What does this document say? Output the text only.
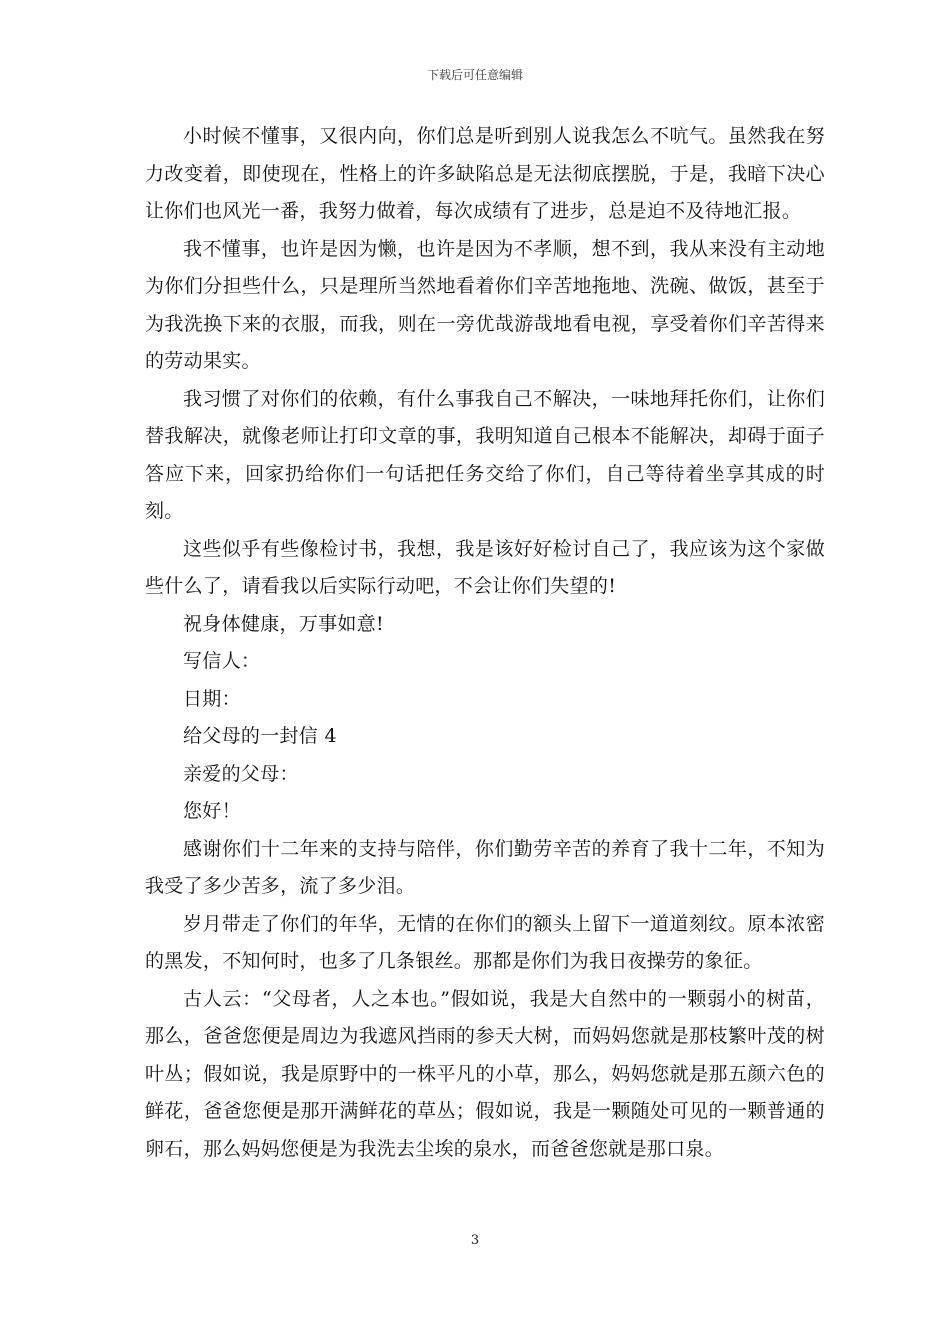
下载后可任意编辑

小时候不懂事，又很内向，你们总是听到别人说我怎么不吭气。虽然我在努力改变着，即使现在，性格上的许多缺陷总是无法彻底摆脱，于是，我暗下决心让你们也风光一番，我努力做着，每次成绩有了进步，总是迫不及待地汇报。

我不懂事，也许是因为懒，也许是因为不孝顺，想不到，我从来没有主动地为你们分担些什么，只是理所当然地看着你们辛苦地拖地、洗碗、做饭，甚至于为我洗换下来的衣服，而我，则在一旁优哉游哉地看电视，享受着你们辛苦得来的劳动果实。

我习惯了对你们的依赖，有什么事我自己不解决，一味地拜托你们，让你们替我解决，就像老师让打印文章的事，我明知道自己根本不能解决，却碍于面子答应下来，回家扔给你们一句话把任务交给了你们，自己等待着坐享其成的时刻。

这些似乎有些像检讨书，我想，我是该好好检讨自己了，我应该为这个家做些什么了，请看我以后实际行动吧，不会让你们失望的!

祝身体健康，万事如意!

写信人：

日期：

给父母的一封信 4

亲爱的父母：

您好！

感谢你们十二年来的支持与陪伴，你们勤劳辛苦的养育了我十二年，不知为我受了多少苦多，流了多少泪。

岁月带走了你们的年华，无情的在你们的额头上留下一道道刻纹。原本浓密的黑发，不知何时，也多了几条银丝。那都是你们为我日夜操劳的象征。

古人云：“父母者，人之本也。”假如说，我是大自然中的一颗弱小的树苗，那么，爸爸您便是周边为我遮风挡雨的参天大树，而妈妈您就是那枝繁叶茂的树叶丛；假如说，我是原野中的一株平凡的小草，那么，妈妈您就是那五颜六色的鲜花，爸爸您便是那开满鲜花的草丛；假如说，我是一颗随处可见的一颗普通的卵石，那么妈妈您便是为我洗去尘埃的泉水，而爸爸您就是那口泉。

3
